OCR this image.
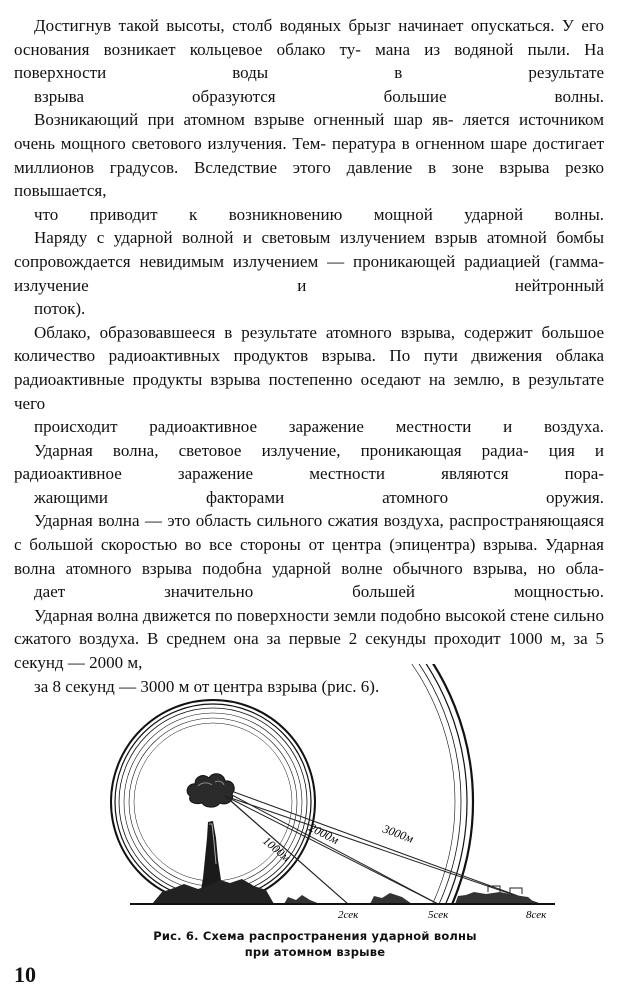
Достигнув такой высоты, столб водяных брызг начинает опускаться. У его основания возникает кольцевое облако ту- мана из водяной пыли. На поверхности воды в результате
взрыва образуются большие волны.

Возникающий при атомном взрыве огненный шар яв- ляется источником очень мощного светового излучения. Тем- пература в огненном шаре достигает миллионов градусов. Вследствие этого давление в зоне взрыва резко повышается,
что приводит к возникновению мощной ударной волны.

Наряду с ударной волной и световым излучением взрыв атомной бомбы сопровождается невидимым излучением — проникающей радиацией (гамма-излучение и нейтронный
поток).

Облако, образовавшееся в результате атомного взрыва, содержит большое количество радиоактивных продуктов взрыва. По пути движения облака радиоактивные продукты взрыва постепенно оседают на землю, в результате чего
происходит радиоактивное заражение местности и воздуха.

Ударная волна, световое излучение, проникающая радиа- ция и радиоактивное заражение местности являются пора-
жающими факторами атомного оружия.

Ударная волна — это область сильного сжатия воздуха, распространяющаяся с большой скоростью во все стороны от центра (эпицентра) взрыва. Ударная волна атомного взрыва подобна ударной волне обычного взрыва, но обла-
дает значительно большей мощностью.

Ударная волна движется по поверхности земли подобно высокой стене сильно сжатого воздуха. В среднем она за первые 2 секунды проходит 1000 м, за 5 секунд — 2000 м,
за 8 секунд — 3000 м от центра взрыва (рис. 6).

1000м 2000м	3000м
2сек	5сек	8сек
Рис. 6. Схема распространения ударной волны
при атомном взрыве
10
